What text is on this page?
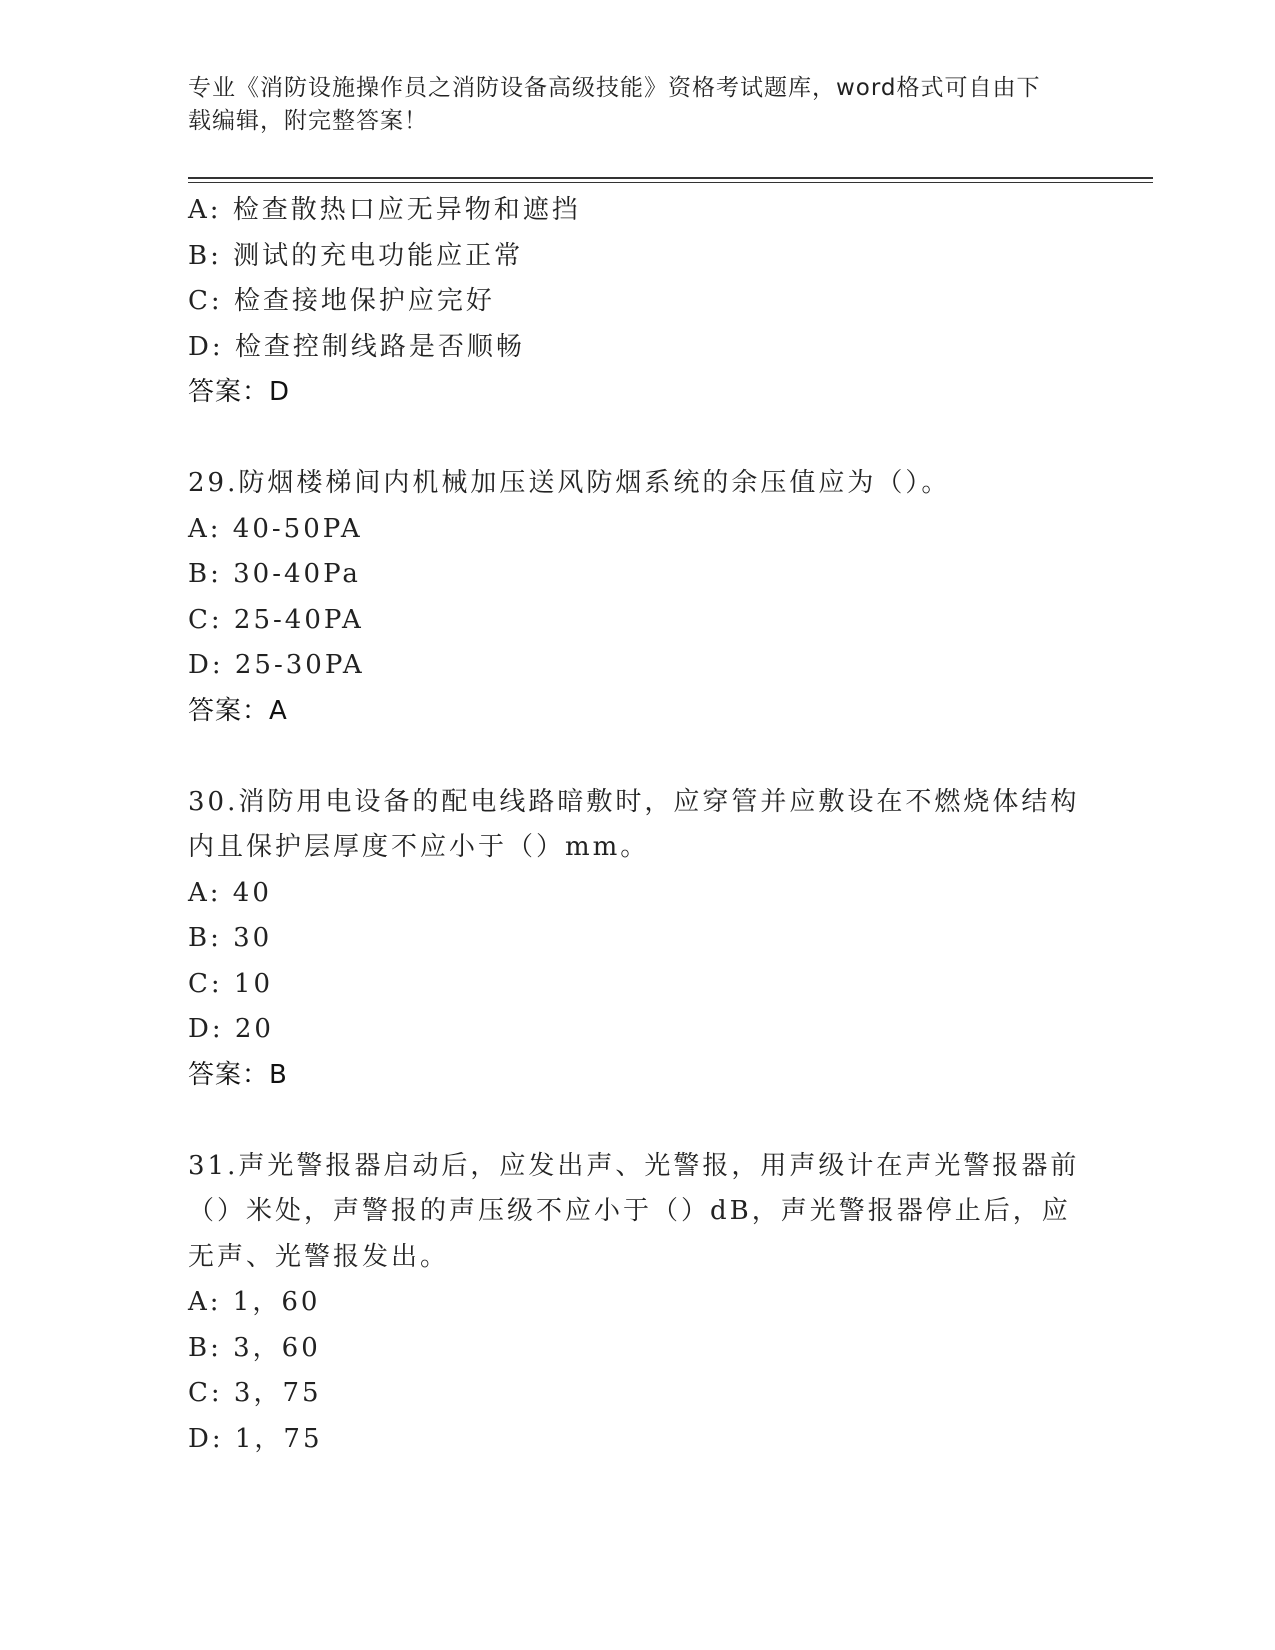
专业《消防设施操作员之消防设备高级技能》资格考试题库，word格式可自由下
载编辑，附完整答案！
A: 检查散热口应无异物和遮挡
B: 测试的充电功能应正常
C: 检查接地保护应完好
D: 检查控制线路是否顺畅
答案：D
29.防烟楼梯间内机械加压送风防烟系统的余压值应为（）。
A: 40-50PA
B: 30-40Pa
C: 25-40PA
D: 25-30PA
答案：A
30.消防用电设备的配电线路暗敷时，应穿管并应敷设在不燃烧体结构
内且保护层厚度不应小于（）mm。
A: 40
B: 30
C: 10
D: 20
答案：B
31.声光警报器启动后，应发出声、光警报，用声级计在声光警报器前
（）米处，声警报的声压级不应小于（）dB，声光警报器停止后，应
无声、光警报发出。
A: 1，60
B: 3，60
C: 3，75
D: 1，75
